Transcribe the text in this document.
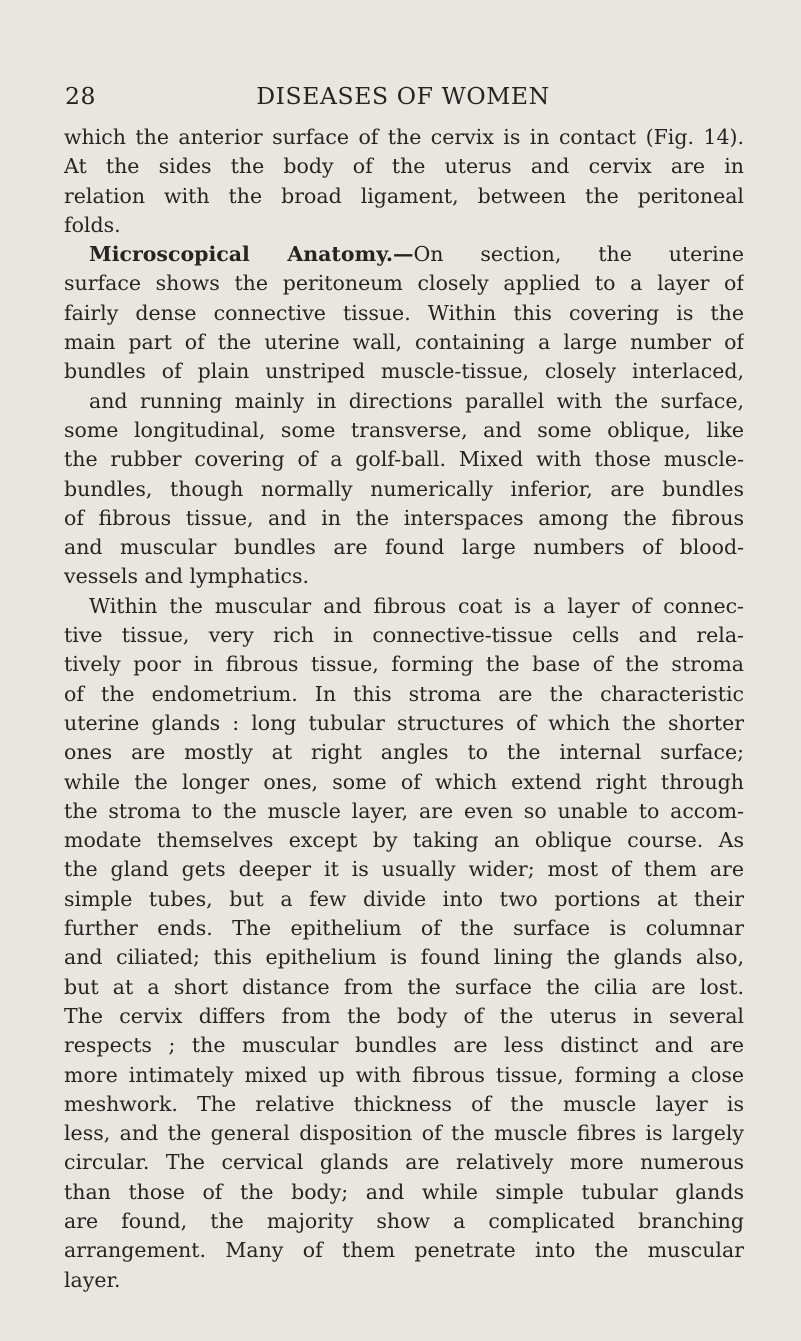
28	DISEASES OF WOMEN
which the anterior surface of the cervix is in contact (Fig. 14).
At the sides the body of the uterus and cervix are in
relation with the broad ligament, between the peritoneal
folds.
Microscopical Anatomy.—On section, the uterine
surface shows the peritoneum closely applied to a layer of
fairly dense connective tissue. Within this covering is the
main part of the uterine wall, containing a large number of
bundles of plain unstriped muscle-tissue, closely interlaced,
and running mainly in directions parallel with the surface,
some longitudinal, some transverse, and some oblique, like
the rubber covering of a golf-ball. Mixed with those muscle-
bundles, though normally numerically inferior, are bundles
of fibrous tissue, and in the interspaces among the fibrous
and muscular bundles are found large numbers of blood-
vessels and lymphatics.
Within the muscular and fibrous coat is a layer of connec-
tive tissue, very rich in connective-tissue cells and rela-
tively poor in fibrous tissue, forming the base of the stroma
of the endometrium. In this stroma are the characteristic
uterine glands : long tubular structures of which the shorter
ones are mostly at right angles to the internal surface;
while the longer ones, some of which extend right through
the stroma to the muscle layer, are even so unable to accom-
modate themselves except by taking an oblique course. As
the gland gets deeper it is usually wider; most of them are
simple tubes, but a few divide into two portions at their
further ends. The epithelium of the surface is columnar
and ciliated; this epithelium is found lining the glands also,
but at a short distance from the surface the cilia are lost.
The cervix differs from the body of the uterus in several
respects ; the muscular bundles are less distinct and are
more intimately mixed up with fibrous tissue, forming a close
meshwork. The relative thickness of the muscle layer is
less, and the general disposition of the muscle fibres is largely
circular. The cervical glands are relatively more numerous
than those of the body; and while simple tubular glands
are found, the majority show a complicated branching
arrangement. Many of them penetrate into the muscular
layer.
